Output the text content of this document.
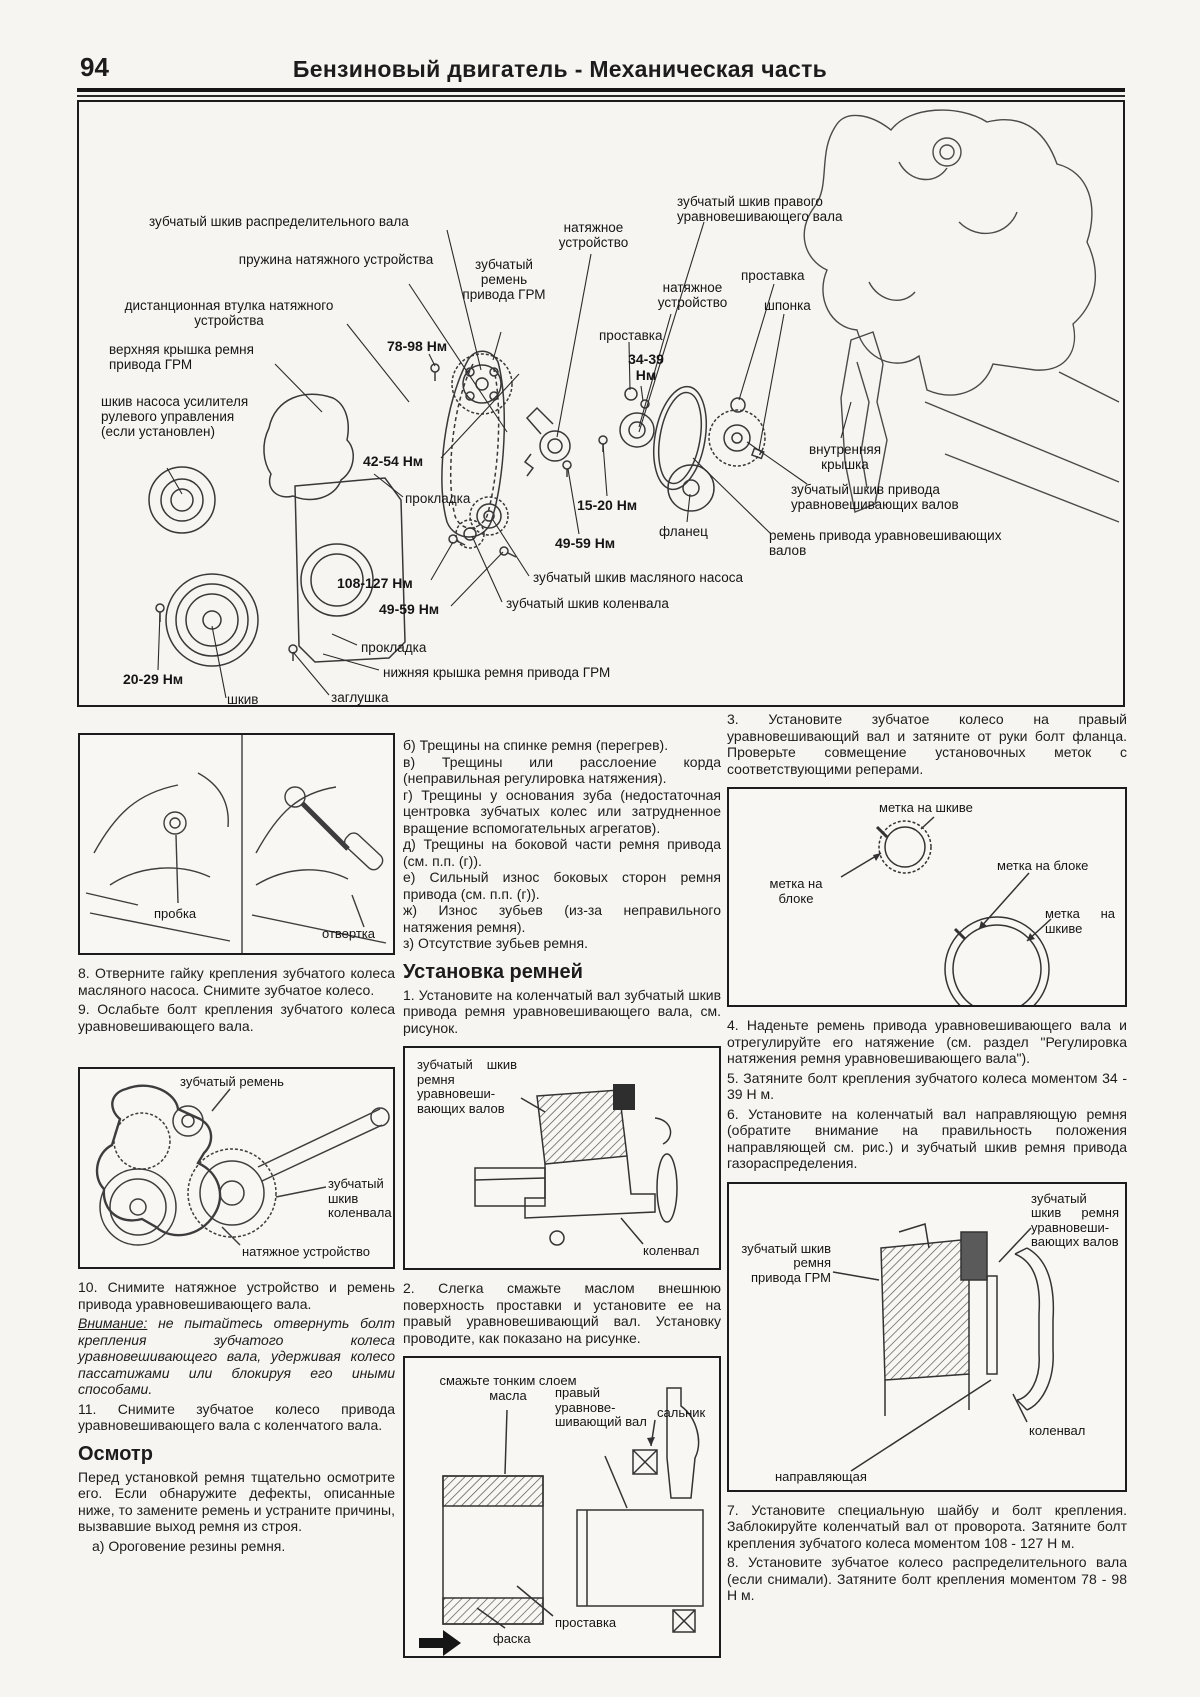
94	Бензиновый двигатель - Механическая часть
зубчатый шкив распределительного вала
пружина натяжного устройства
дистанционная втулка натяжного устройства
верхняя крышка ремня привода ГРМ
шкив насоса усилителя рулевого управления (если установлен)
зубчатый ремень привода ГРМ
78-98 Нм
натяжное устройство
натяжное устройство
зубчатый шкив правого уравновешивающего вала
проставка
шпонка
проставка
34-39 Нм
42-54 Нм
прокладка
внутренняя крышка
зубчатый шкив привода уравновешивающих валов
ремень привода уравновешивающих валов
15-20 Нм
фланец
49-59 Нм
108-127 Нм
49-59 Нм
зубчатый шкив масляного насоса
зубчатый шкив коленвала
прокладка
нижняя крышка ремня привода ГРМ
20-29 Нм
шкив	заглушка
пробка
отвертка

8. Отверните гайку крепления зубчатого колеса масляного насоса. Снимите зубчатое колесо.

9. Ослабьте болт крепления зубчатого колеса уравновешивающего вала.

зубчатый ремень
зубчатый шкив коленвала
натяжное устройство

10. Снимите натяжное устройство и ремень привода уравновешивающего вала.

Внимание: не пытайтесь отвернуть болт крепления зубчатого колеса уравновешивающего вала, удерживая колесо пассатижами или блокируя его иными способами.

11. Снимите зубчатое колесо привода уравновешивающего вала с коленчатого вала.

Осмотр

Перед установкой ремня тщательно осмотрите его. Если обнаружите дефекты, описанные ниже, то замените ремень и устраните причины, вызвавшие выход ремня из строя.

а) Ороговение резины ремня.

б) Трещины на спинке ремня (перегрев).

в) Трещины или расслоение корда (неправильная регулировка натяжения).

г) Трещины у основания зуба (недостаточная центровка зубчатых колес или затрудненное вращение вспомогательных агрегатов).

д) Трещины на боковой части ремня привода (см. п.п. (г)).

е) Сильный износ боковых сторон ремня привода (см. п.п. (г)).

ж) Износ зубьев (из-за неправильного натяжения ремня).

з) Отсутствие зубьев ремня.

Установка ремней

1. Установите на коленчатый вал зубчатый шкив привода ремня уравновешивающего вала, см. рисунок.

зубчатый шкив ремня уравновеши- вающих валов
коленвал

2. Слегка смажьте маслом внешнюю поверхность проставки и установите ее на правый уравновешивающий вал. Установку проводите, как показано на рисунке.

смажьте тонким слоем масла	правый уравнове- шивающий вал
сальник
проставка
фаска

3. Установите зубчатое колесо на правый уравновешивающий вал и затяните от руки болт фланца. Проверьте совмещение установочных меток с соответствующими реперами.

метка на шкиве
метка на блоке
метка на блоке
метка на шкиве

4. Наденьте ремень привода уравновешивающего вала и отрегулируйте его натяжение (см. раздел "Регулировка натяжения ремня уравновешивающего вала").

5. Затяните болт крепления зубчатого колеса моментом 34 - 39 Н м.

6. Установите на коленчатый вал направляющую ремня (обратите внимание на правильность положения направляющей см. рис.) и зубчатый шкив ремня привода газораспределения.

зубчатый шкив ремня привода ГРМ
зубчатый шкив ремня уравновеши- вающих валов
коленвал
направляющая

7. Установите специальную шайбу и болт крепления. Заблокируйте коленчатый вал от проворота. Затяните болт крепления зубчатого колеса моментом 108 - 127 Н м.

8. Установите зубчатое колесо распределительного вала (если снимали). Затяните болт крепления моментом 78 - 98 Н м.
